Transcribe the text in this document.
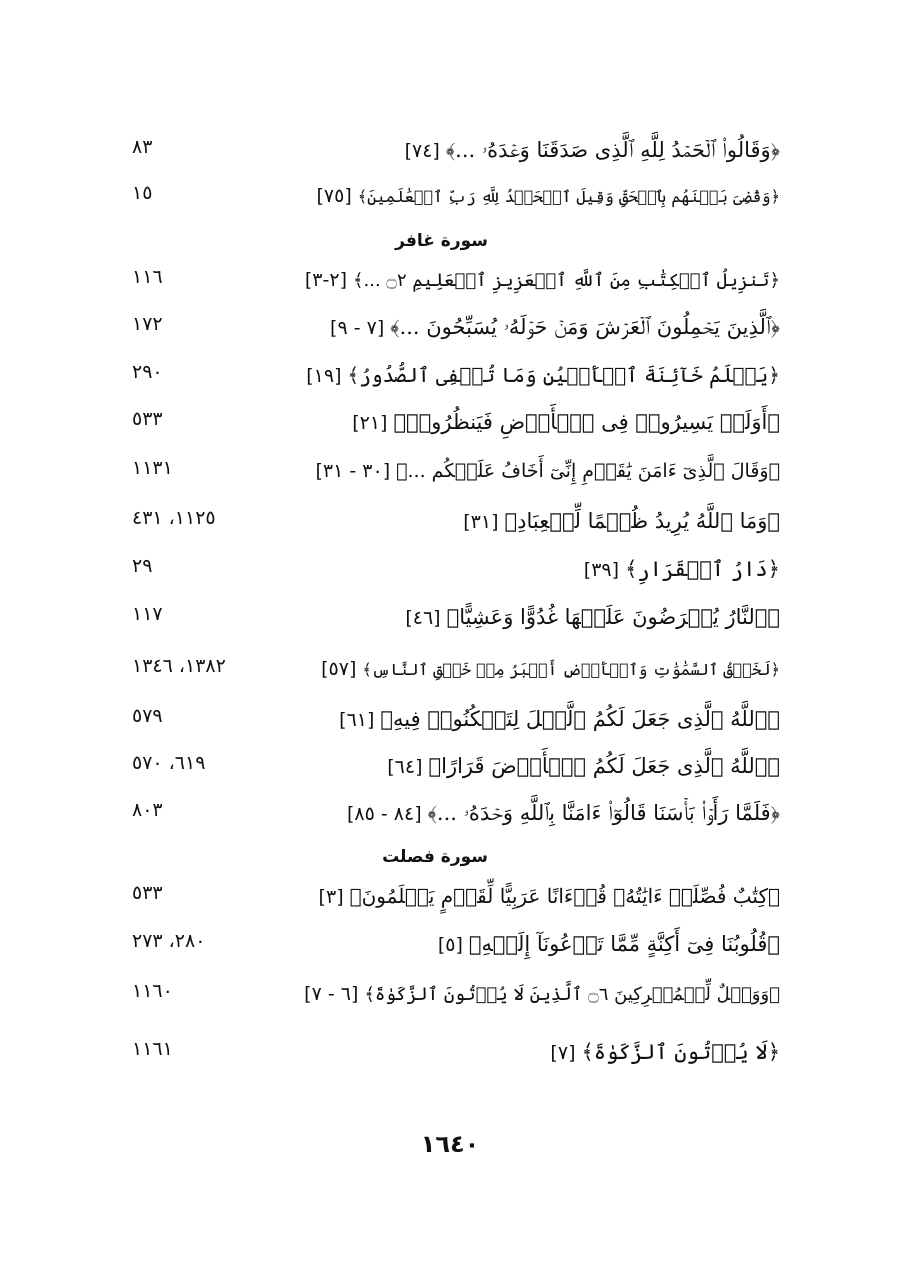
﴿وَقَالُوا۟ ٱلۡحَمۡدُ لِلَّهِ ٱلَّذِى صَدَقَنَا وَعۡدَهُۥ ...﴾[٧٤]
٨٣
﴿وَقُضِىَ بَيۡنَهُم بِٱلۡحَقِّ وَقِيلَ ٱلۡحَمۡدُ لِلَّهِ رَبِّ ٱلۡعَٰلَمِينَ﴾[٧٥]
١٥
سورة غافر
﴿تَنزِيلُ ٱلۡكِتَٰبِ مِنَ ٱللَّهِ ٱلۡعَزِيزِ ٱلۡعَلِيمِ ۝٢ ...﴾[٢-٣]
١١٦
﴿ٱلَّذِينَ يَحۡمِلُونَ ٱلۡعَرۡشَ وَمَنۡ حَوۡلَهُۥ يُسَبِّحُونَ ...﴾[٧ - ٩]
١٧٢
﴿يَعۡلَمُ خَآئِنَةَ ٱلۡأَعۡيُنِ وَمَا تُخۡفِى ٱلصُّدُورُ﴾[١٩]
٢٩٠
﴿أَوَلَمۡ يَسِيرُوا۟ فِى ٱلۡأَرۡضِ فَيَنظُرُوا۟﴾[٢١]
٥٣٣
﴿وَقَالَ ٱلَّذِىٓ ءَامَنَ يَٰقَوۡمِ إِنِّىٓ أَخَافُ عَلَيۡكُم ...﴾[٣٠ - ٣١]
١١٣١
﴿وَمَا ٱللَّهُ يُرِيدُ ظُلۡمًا لِّلۡعِبَادِ﴾[٣١]
١١٢٥، ٤٣١
﴿دَارُ ٱلۡقَرَارِ﴾[٣٩]
٢٩
﴿ٱلنَّارُ يُعۡرَضُونَ عَلَيۡهَا غُدُوًّا وَعَشِيًّا﴾[٤٦]
١١٧
﴿لَخَلۡقُ ٱلسَّمَٰوَٰتِ وَٱلۡأَرۡضِ أَكۡبَرُ مِنۡ خَلۡقِ ٱلنَّاسِ﴾[٥٧]
١٣٨٢، ١٣٤٦
﴿ٱللَّهُ ٱلَّذِى جَعَلَ لَكُمُ ٱلَّيۡلَ لِتَسۡكُنُوا۟ فِيهِ﴾[٦١]
٥٧٩
﴿ٱللَّهُ ٱلَّذِى جَعَلَ لَكُمُ ٱلۡأَرۡضَ قَرَارًا﴾[٦٤]
٦١٩، ٥٧٠
﴿فَلَمَّا رَأَوۡا۟ بَأۡسَنَا قَالُوٓا۟ ءَامَنَّا بِٱللَّهِ وَحۡدَهُۥ ...﴾[٨٤ - ٨٥]
٨٠٣
سورة فصلت
﴿كِتَٰبٌ فُصِّلَتۡ ءَايَٰتُهُۥ قُرۡءَانًا عَرَبِيًّا لِّقَوۡمٍ يَعۡلَمُونَ﴾[٣]
٥٣٣
﴿قُلُوبُنَا فِىٓ أَكِنَّةٍ مِّمَّا تَدۡعُونَآ إِلَيۡهِ﴾[٥]
٢٨٠، ٢٧٣
﴿وَوَيۡلٌ لِّلۡمُشۡرِكِينَ ۝٦ ٱلَّذِينَ لَا يُؤۡتُونَ ٱلزَّكَوٰةَ﴾[٦ - ٧]
١١٦٠
﴿لَا يُؤۡتُونَ ٱلزَّكَوٰةَ﴾[٧]
١١٦١
١٦٤٠
